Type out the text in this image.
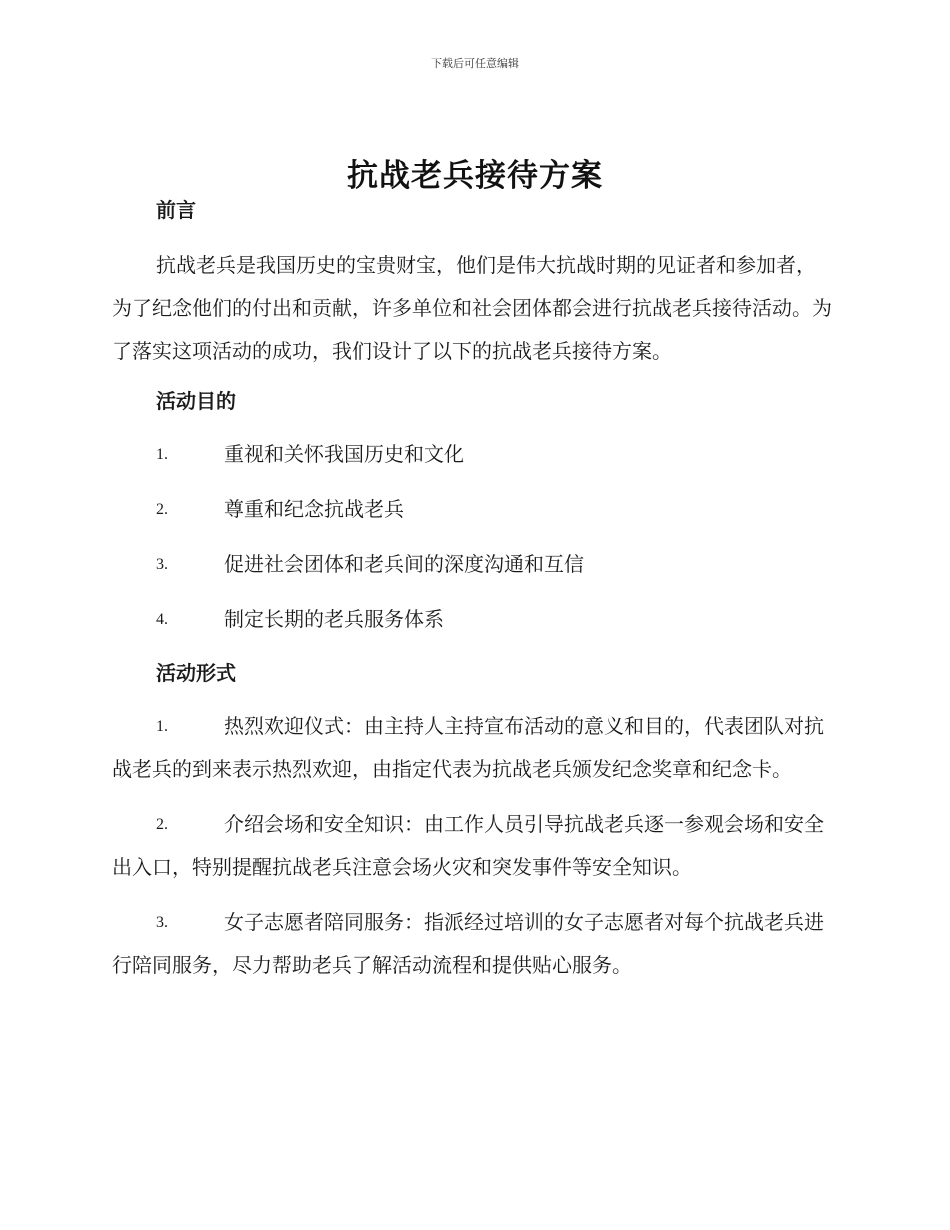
下载后可任意编辑
抗战老兵接待方案
前言

抗战老兵是我国历史的宝贵财宝，他们是伟大抗战时期的见证者和参加者，为了纪念他们的付出和贡献，许多单位和社会团体都会进行抗战老兵接待活动。为了落实这项活动的成功，我们设计了以下的抗战老兵接待方案。

活动目的
1.	重视和关怀我国历史和文化
2.	尊重和纪念抗战老兵
3.	促进社会团体和老兵间的深度沟通和互信
4.	制定长期的老兵服务体系
活动形式
1.	热烈欢迎仪式：由主持人主持宣布活动的意义和目的，代表团队对抗战老兵的到来表示热烈欢迎，由指定代表为抗战老兵颁发纪念奖章和纪念卡。
2.	介绍会场和安全知识：由工作人员引导抗战老兵逐一参观会场和安全出入口，特别提醒抗战老兵注意会场火灾和突发事件等安全知识。
3.	女子志愿者陪同服务：指派经过培训的女子志愿者对每个抗战老兵进行陪同服务，尽力帮助老兵了解活动流程和提供贴心服务。
